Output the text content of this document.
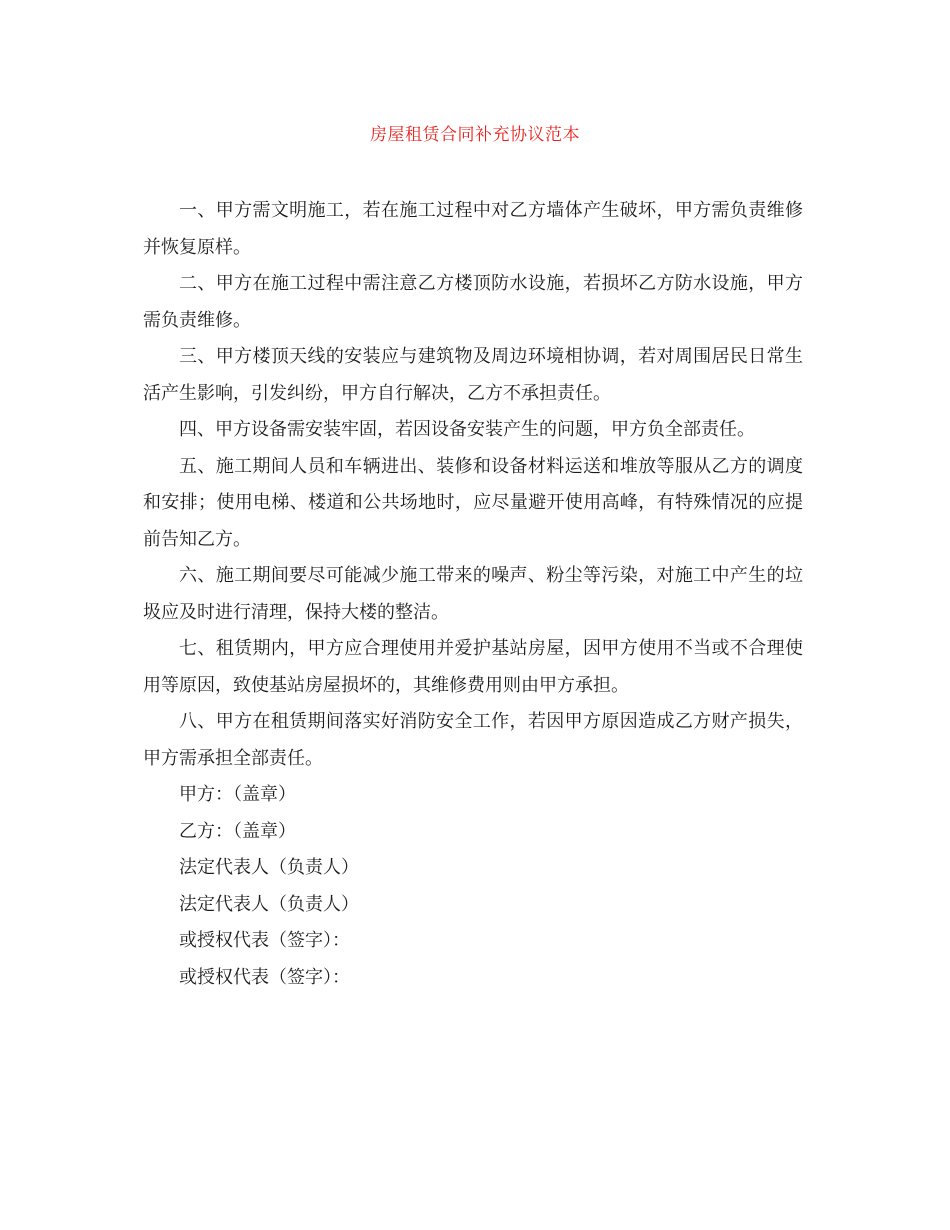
房屋租赁合同补充协议范本

一、甲方需文明施工，若在施工过程中对乙方墙体产生破坏，甲方需负责维修并恢复原样。

二、甲方在施工过程中需注意乙方楼顶防水设施，若损坏乙方防水设施，甲方需负责维修。

三、甲方楼顶天线的安装应与建筑物及周边环境相协调，若对周围居民日常生活产生影响，引发纠纷，甲方自行解决，乙方不承担责任。

四、甲方设备需安装牢固，若因设备安装产生的问题，甲方负全部责任。

五、施工期间人员和车辆进出、装修和设备材料运送和堆放等服从乙方的调度和安排；使用电梯、楼道和公共场地时，应尽量避开使用高峰，有特殊情况的应提前告知乙方。

六、施工期间要尽可能减少施工带来的噪声、粉尘等污染，对施工中产生的垃圾应及时进行清理，保持大楼的整洁。

七、租赁期内，甲方应合理使用并爱护基站房屋，因甲方使用不当或不合理使用等原因，致使基站房屋损坏的，其维修费用则由甲方承担。

八、甲方在租赁期间落实好消防安全工作，若因甲方原因造成乙方财产损失，甲方需承担全部责任。

甲方：（盖章）

乙方：（盖章）

法定代表人（负责人）

法定代表人（负责人）

或授权代表（签字）：

或授权代表（签字）：
